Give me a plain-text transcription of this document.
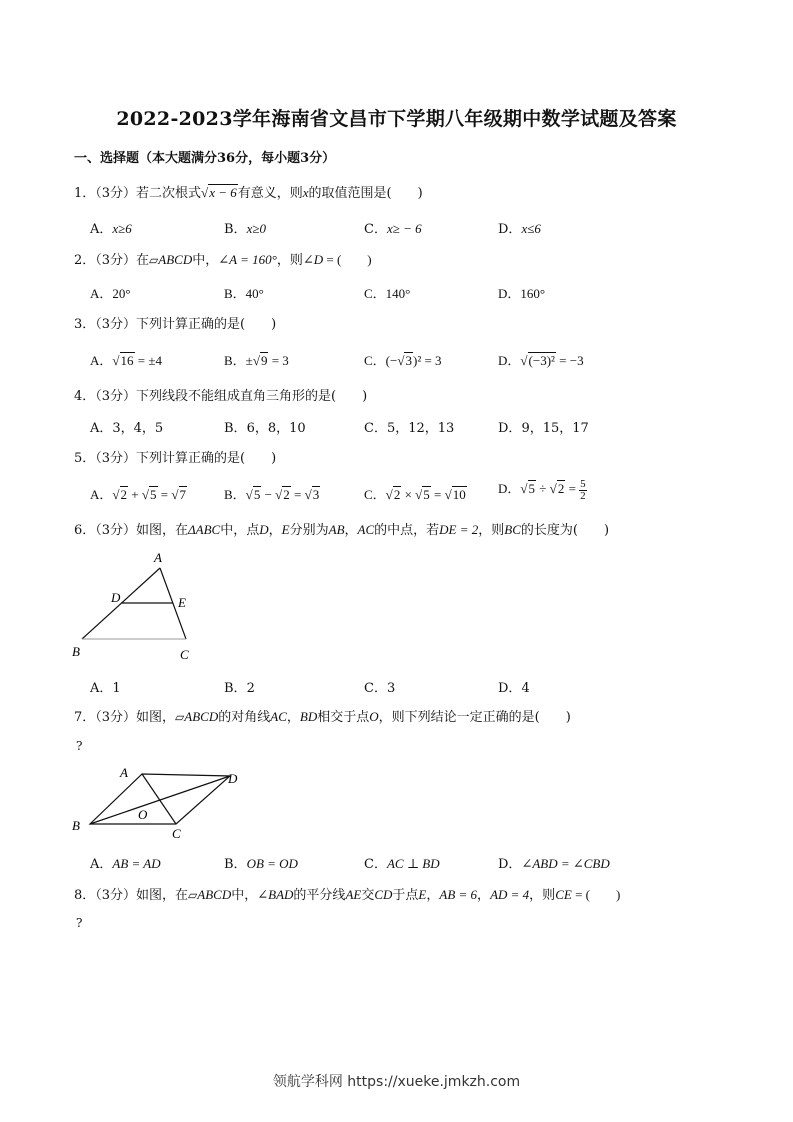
2022-2023学年海南省文昌市下学期八年级期中数学试题及答案
一、选择题（本大题满分36分，每小题3分）
1．（3分）若二次根式√x − 6有意义，则x的取值范围是(　　)
A．x≥6	B．x≥0	C．x≥ − 6	D．x≤6
2．（3分）在▱ABCD中，∠A = 160°，则∠D = (　　)
A．20°	B．40°	C．140°	D．160°
3．（3分）下列计算正确的是(　　)
A．√16 = ±4	B．±√9 = 3	C．(−√3)² = 3	D．√(−3)² = −3
4．（3分）下列线段不能组成直角三角形的是(　　)
A．3，4，5	B．6，8，10	C．5，12，13	D．9，15，17
5．（3分）下列计算正确的是(　　)
A．√2 + √5 = √7	B．√5 − √2 = √3	C．√2 × √5 = √10 D．$√5 \div √2 = \frac{5}{2}$
6．（3分）如图，在ΔABC中，点D，E分别为AB，AC的中点，若DE = 2，则BC的长度为(　　)
A
D	E
B	C
A．1	B．2	C．3	D．4
7．（3分）如图，▱ABCD的对角线AC，BD相交于点O，则下列结论一定正确的是(　　)
?
A	D
B
C
O
A．AB = AD	B．OB = OD	C．AC ⊥ BD	D．∠ABD = ∠CBD
8．（3分）如图，在▱ABCD中，∠BAD的平分线AE交CD于点E，AB = 6，AD = 4，则CE = (　　)
?
领航学科网 https://xueke.jmkzh.com
